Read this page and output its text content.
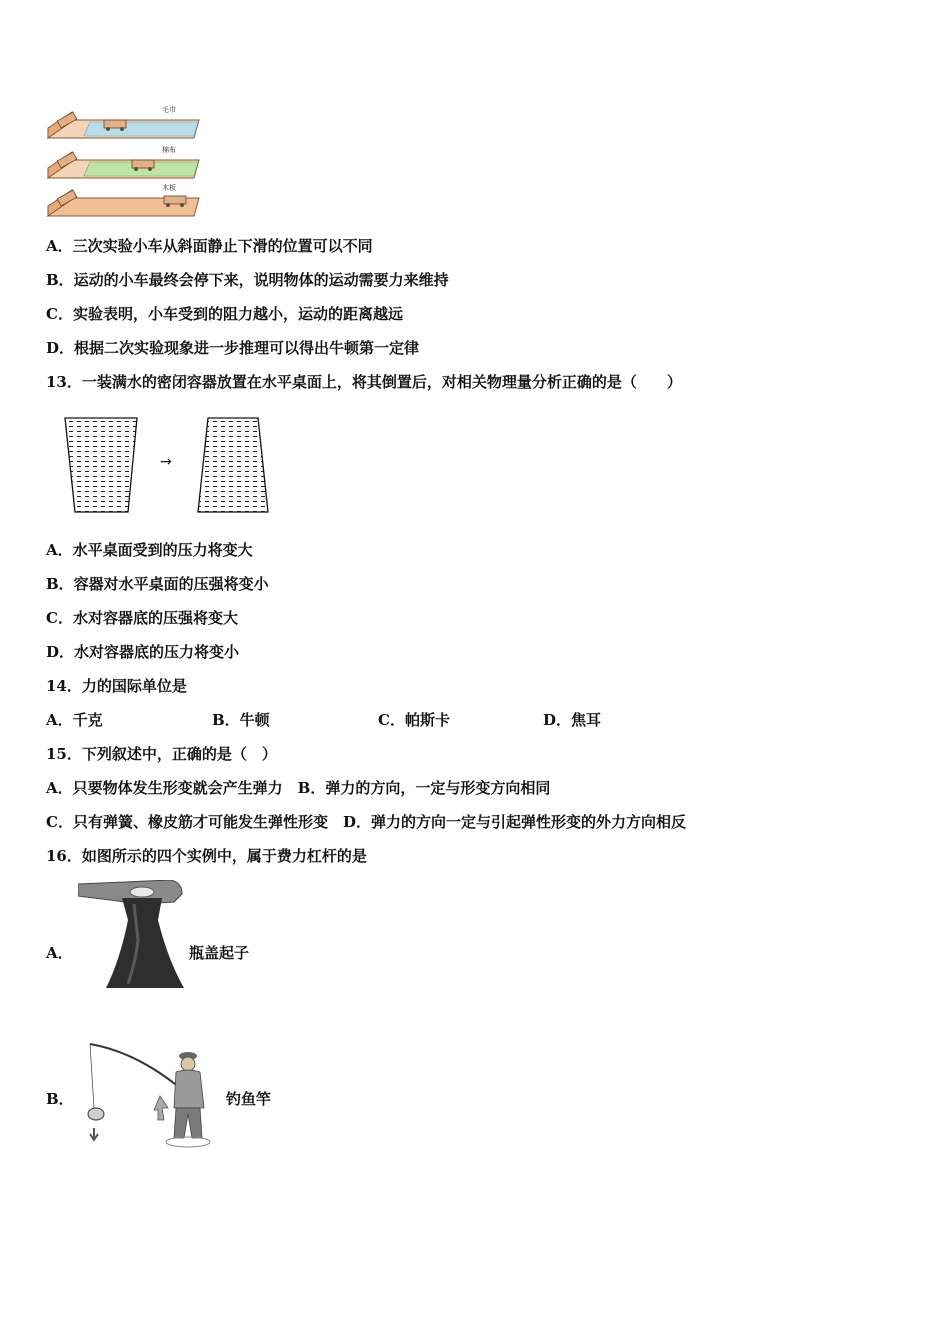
毛巾
棉布
木板
A．三次实验小车从斜面静止下滑的位置可以不同
B．运动的小车最终会停下来，说明物体的运动需要力来维持
C．实验表明，小车受到的阻力越小，运动的距离越远
D．根据二次实验现象进一步推理可以得出牛顿第一定律
13．一装满水的密闭容器放置在水平桌面上，将其倒置后，对相关物理量分析正确的是（　　）
→
A．水平桌面受到的压力将变大
B．容器对水平桌面的压强将变小
C．水对容器底的压强将变大
D．水对容器底的压力将变小
14．力的国际单位是
A．千克	B．牛顿	C．帕斯卡	D．焦耳
15．下列叙述中，正确的是（　）
A．只要物体发生形变就会产生弹力　B．弹力的方向，一定与形变方向相同
C．只有弹簧、橡皮筋才可能发生弹性形变　D．弹力的方向一定与引起弹性形变的外力方向相反
16．如图所示的四个实例中，属于费力杠杆的是
A．	瓶盖起子
B．	钓鱼竿
